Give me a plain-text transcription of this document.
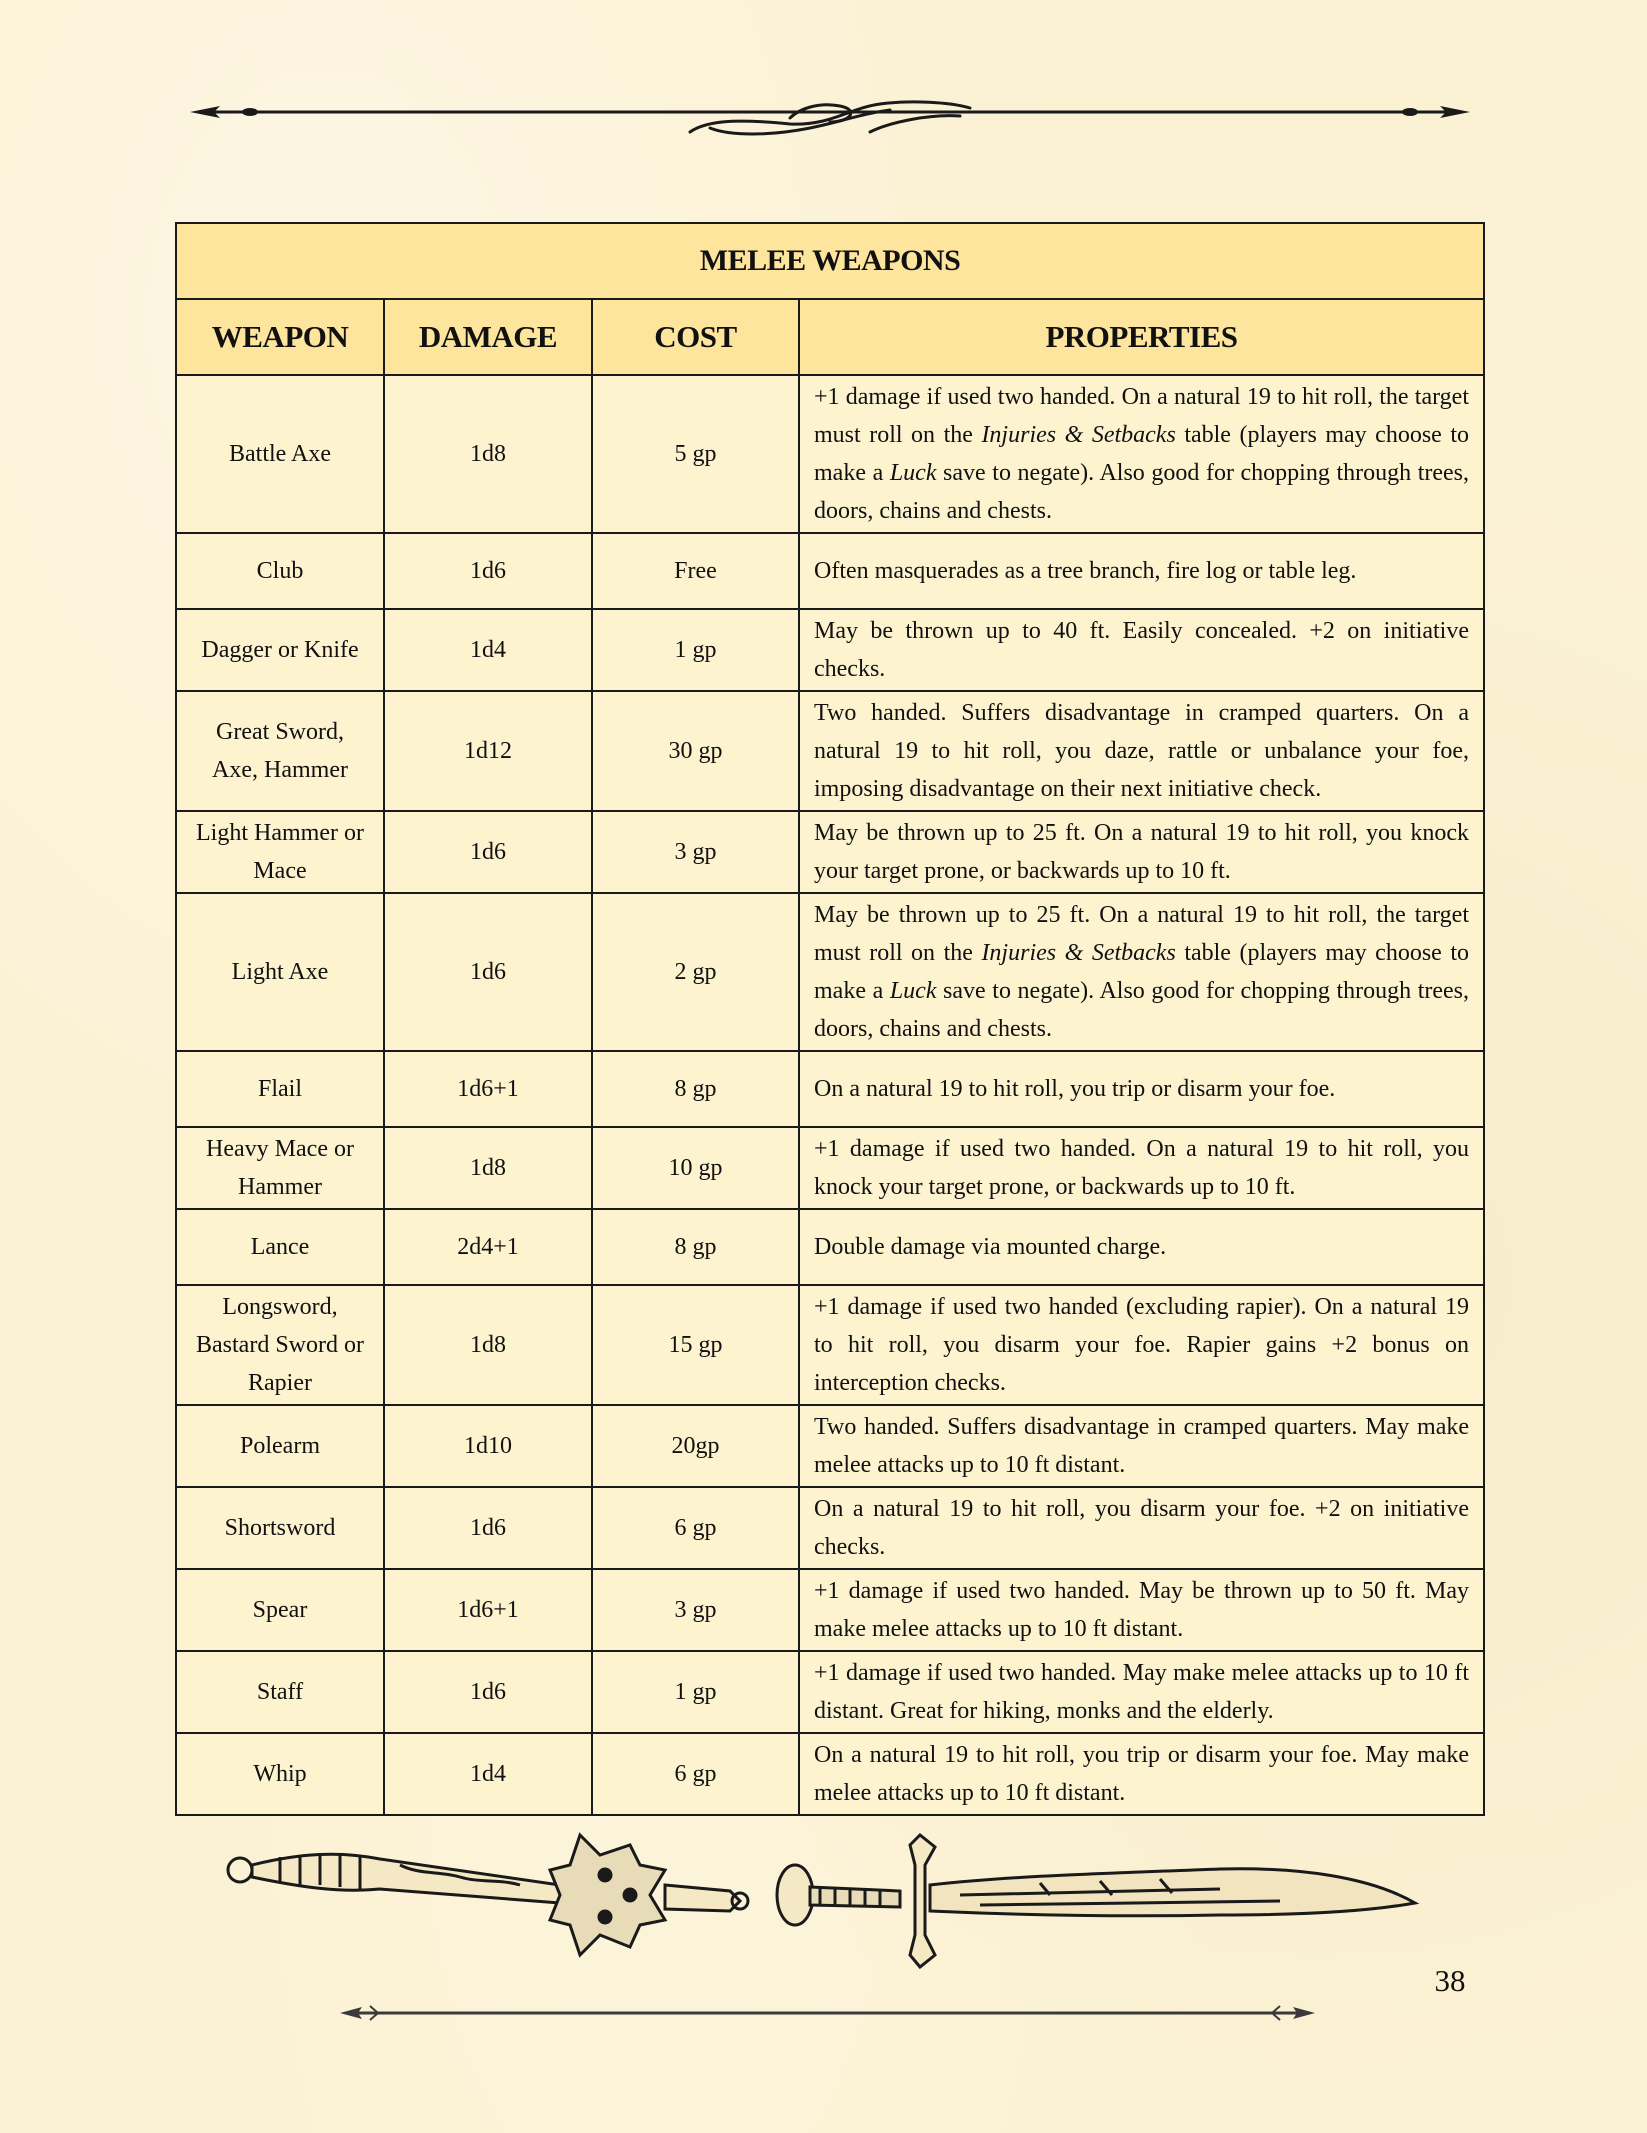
MELEE WEAPONS			
WEAPON	DAMAGE	COST	PROPERTIES
Battle Axe	1d8	5 gp	+1 damage if used two handed. On a natural 19 to hit roll, the target must roll on the Injuries & Setbacks table (players may choose to make a Luck save to negate). Also good for chopping through trees, doors, chains and chests.
Club	1d6	Free	Often masquerades as a tree branch, fire log or table leg.
Dagger or Knife	1d4	1 gp	May be thrown up to 40 ft. Easily concealed. +2 on initiative checks.
Great Sword, Axe, Hammer	1d12	30 gp	Two handed. Suffers disadvantage in cramped quarters. On a natural 19 to hit roll, you daze, rattle or unbalance your foe, imposing disadvantage on their next initiative check.
Light Hammer or Mace	1d6	3 gp	May be thrown up to 25 ft. On a natural 19 to hit roll, you knock your target prone, or backwards up to 10 ft.
Light Axe	1d6	2 gp	May be thrown up to 25 ft. On a natural 19 to hit roll, the target must roll on the Injuries & Setbacks table (players may choose to make a Luck save to negate). Also good for chopping through trees, doors, chains and chests.
Flail	1d6+1	8 gp	On a natural 19 to hit roll, you trip or disarm your foe.
Heavy Mace or Hammer	1d8	10 gp	+1 damage if used two handed. On a natural 19 to hit roll, you knock your target prone, or backwards up to 10 ft.
Lance	2d4+1	8 gp	Double damage via mounted charge.
Longsword, Bastard Sword or Rapier	1d8	15 gp	+1 damage if used two handed (excluding rapier). On a natural 19 to hit roll, you disarm your foe. Rapier gains +2 bonus on interception checks.
Polearm	1d10	20gp	Two handed. Suffers disadvantage in cramped quarters. May make melee attacks up to 10 ft distant.
Shortsword	1d6	6 gp	On a natural 19 to hit roll, you disarm your foe. +2 on initiative checks.
Spear	1d6+1	3 gp	+1 damage if used two handed. May be thrown up to 50 ft. May make melee attacks up to 10 ft distant.
Staff	1d6	1 gp	+1 damage if used two handed. May make melee attacks up to 10 ft distant. Great for hiking, monks and the elderly.
Whip	1d4	6 gp	On a natural 19 to hit roll, you trip or disarm your foe. May make melee attacks up to 10 ft distant.
38
